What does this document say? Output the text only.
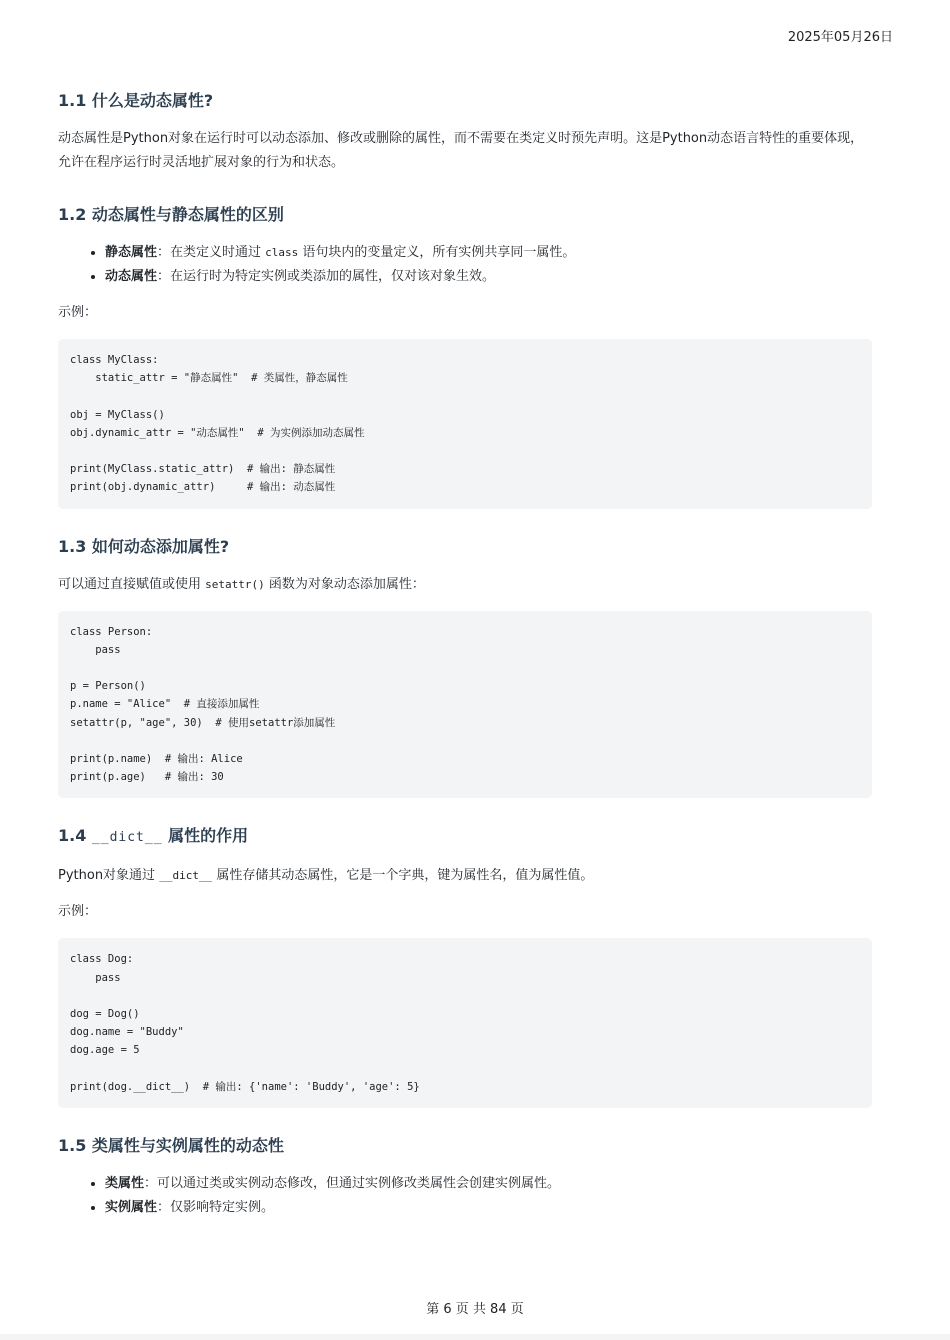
2025年05月26日
1.1 什么是动态属性?

动态属性是Python对象在运行时可以动态添加、修改或删除的属性，而不需要在类定义时预先声明。这是Python动态语言特性的重要体现，允许在程序运行时灵活地扩展对象的行为和状态。

1.2 动态属性与静态属性的区别
• 静态属性：在类定义时通过 class 语句块内的变量定义，所有实例共享同一属性。
• 动态属性：在运行时为特定实例或类添加的属性，仅对该对象生效。

示例：

class MyClass:
static_attr = "静态属性"  # 类属性，静态属性

obj = MyClass()
obj.dynamic_attr = "动态属性"  # 为实例添加动态属性

print(MyClass.static_attr)  # 输出: 静态属性
print(obj.dynamic_attr)     # 输出: 动态属性
1.3 如何动态添加属性?

可以通过直接赋值或使用 setattr() 函数为对象动态添加属性：

class Person:
pass

p = Person()
p.name = "Alice"  # 直接添加属性
setattr(p, "age", 30)  # 使用setattr添加属性

print(p.name)  # 输出: Alice
print(p.age)   # 输出: 30
1.4 __dict__ 属性的作用

Python对象通过 __dict__ 属性存储其动态属性，它是一个字典，键为属性名，值为属性值。

示例：

class Dog:
pass

dog = Dog()
dog.name = "Buddy"
dog.age = 5

print(dog.__dict__)  # 输出: {'name': 'Buddy', 'age': 5}
1.5 类属性与实例属性的动态性
• 类属性：可以通过类或实例动态修改，但通过实例修改类属性会创建实例属性。
• 实例属性：仅影响特定实例。
第 6 页 共 84 页
